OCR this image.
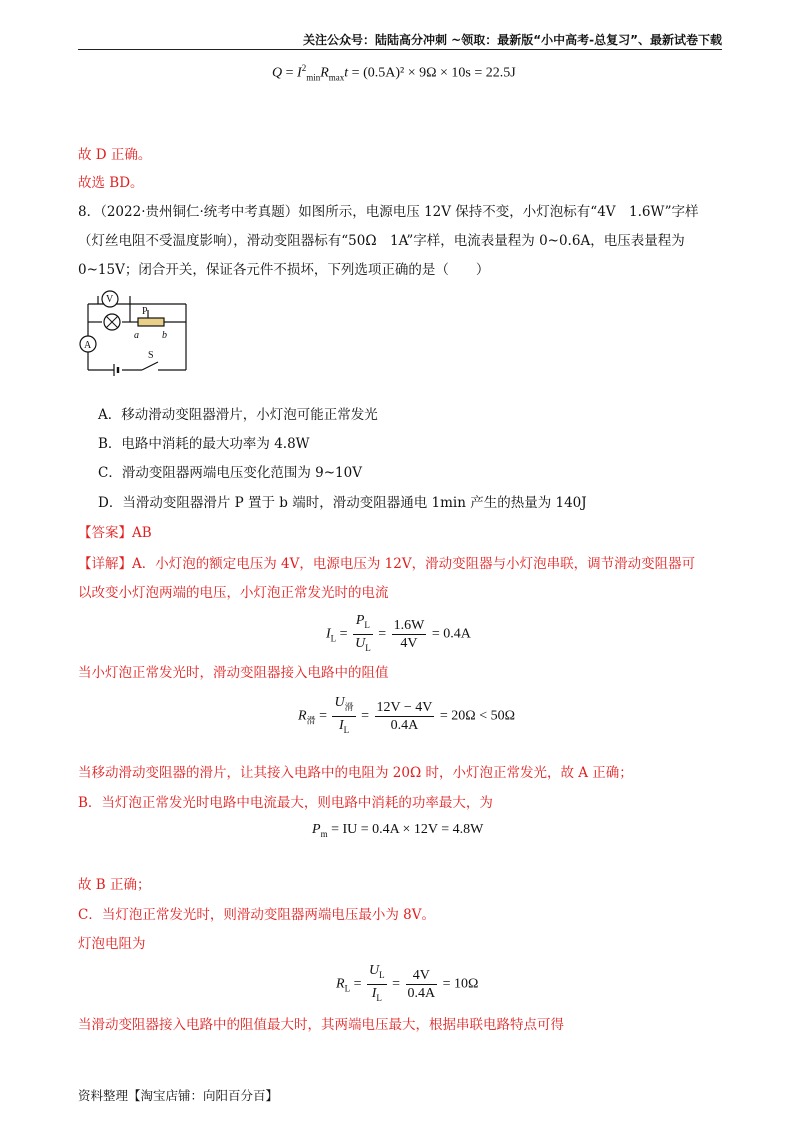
关注公众号：陆陆高分冲刺 ~领取：最新版“小中高考-总复习”、最新试卷下载
$Q = I^2_{min}R_{max}t = (0.5A)^2 \times 9\Omega \times 10s = 22.5J$
故 D 正确。
故选 BD。
8．（2022·贵州铜仁·统考中考真题）如图所示，电源电压 12V 保持不变，小灯泡标有“4V　1.6W”字样
（灯丝电阻不受温度影响），滑动变阻器标有“50Ω　1A”字样，电流表量程为 0~0.6A，电压表量程为
0~15V；闭合开关，保证各元件不损坏，下列选项正确的是（　　）
V
A
P
a b
S
A．移动滑动变阻器滑片，小灯泡可能正常发光
B．电路中消耗的最大功率为 4.8W
C．滑动变阻器两端电压变化范围为 9~10V
D．当滑动变阻器滑片 P 置于 b 端时，滑动变阻器通电 1min 产生的热量为 140J
【答案】AB
【详解】A．小灯泡的额定电压为 4V，电源电压为 12V，滑动变阻器与小灯泡串联，调节滑动变阻器可
以改变小灯泡两端的电压，小灯泡正常发光时的电流
$I_L = \frac{P_L}{U_L} = \frac{1.6W}{4V} = 0.4A$
当小灯泡正常发光时，滑动变阻器接入电路中的阻值
$R_滑 = \frac{U_滑}{I_L} = \frac{12V - 4V}{0.4A} = 20\Omega < 50\Omega$
当移动滑动变阻器的滑片，让其接入电路中的电阻为 20Ω 时，小灯泡正常发光，故 A 正确；
B．当灯泡正常发光时电路中电流最大，则电路中消耗的功率最大，为
$P_m$ = IU = 0.4A × 12V = 4.8W
故 B 正确；
C．当灯泡正常发光时，则滑动变阻器两端电压最小为 8V。
灯泡电阻为
$R_L = \frac{U_L}{I_L} = \frac{4V}{0.4A} = 10\Omega$
当滑动变阻器接入电路中的阻值最大时，其两端电压最大，根据串联电路特点可得
资料整理【淘宝店铺：向阳百分百】
